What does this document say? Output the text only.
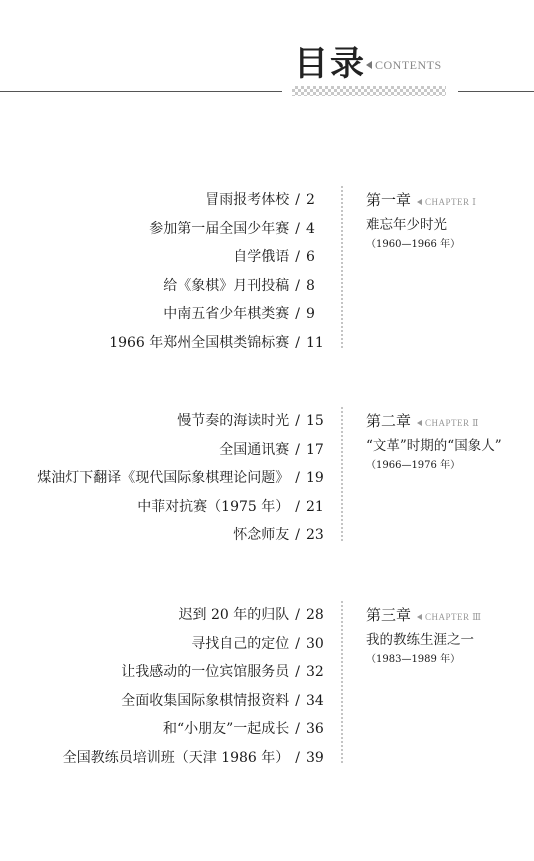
目录 CONTENTS
冒雨报考体校 / 2
参加第一届全国少年赛 / 4
自学俄语 / 6
给《象棋》月刊投稿 / 8
中南五省少年棋类赛 / 9
1966 年郑州全国棋类锦标赛 / 11
第一章 CHAPTER Ⅰ
难忘年少时光
（1960—1966 年）
慢节奏的海读时光 / 15
全国通讯赛 / 17
煤油灯下翻译《现代国际象棋理论问题》 / 19
中菲对抗赛（1975 年） / 21
怀念师友 / 23
第二章 CHAPTER Ⅱ
“文革”时期的“国象人”
（1966—1976 年）
迟到 20 年的归队 / 28
寻找自己的定位 / 30
让我感动的一位宾馆服务员 / 32
全面收集国际象棋情报资料 / 34
和“小朋友”一起成长 / 36
全国教练员培训班（天津 1986 年） / 39
第三章 CHAPTER Ⅲ
我的教练生涯之一
（1983—1989 年）
